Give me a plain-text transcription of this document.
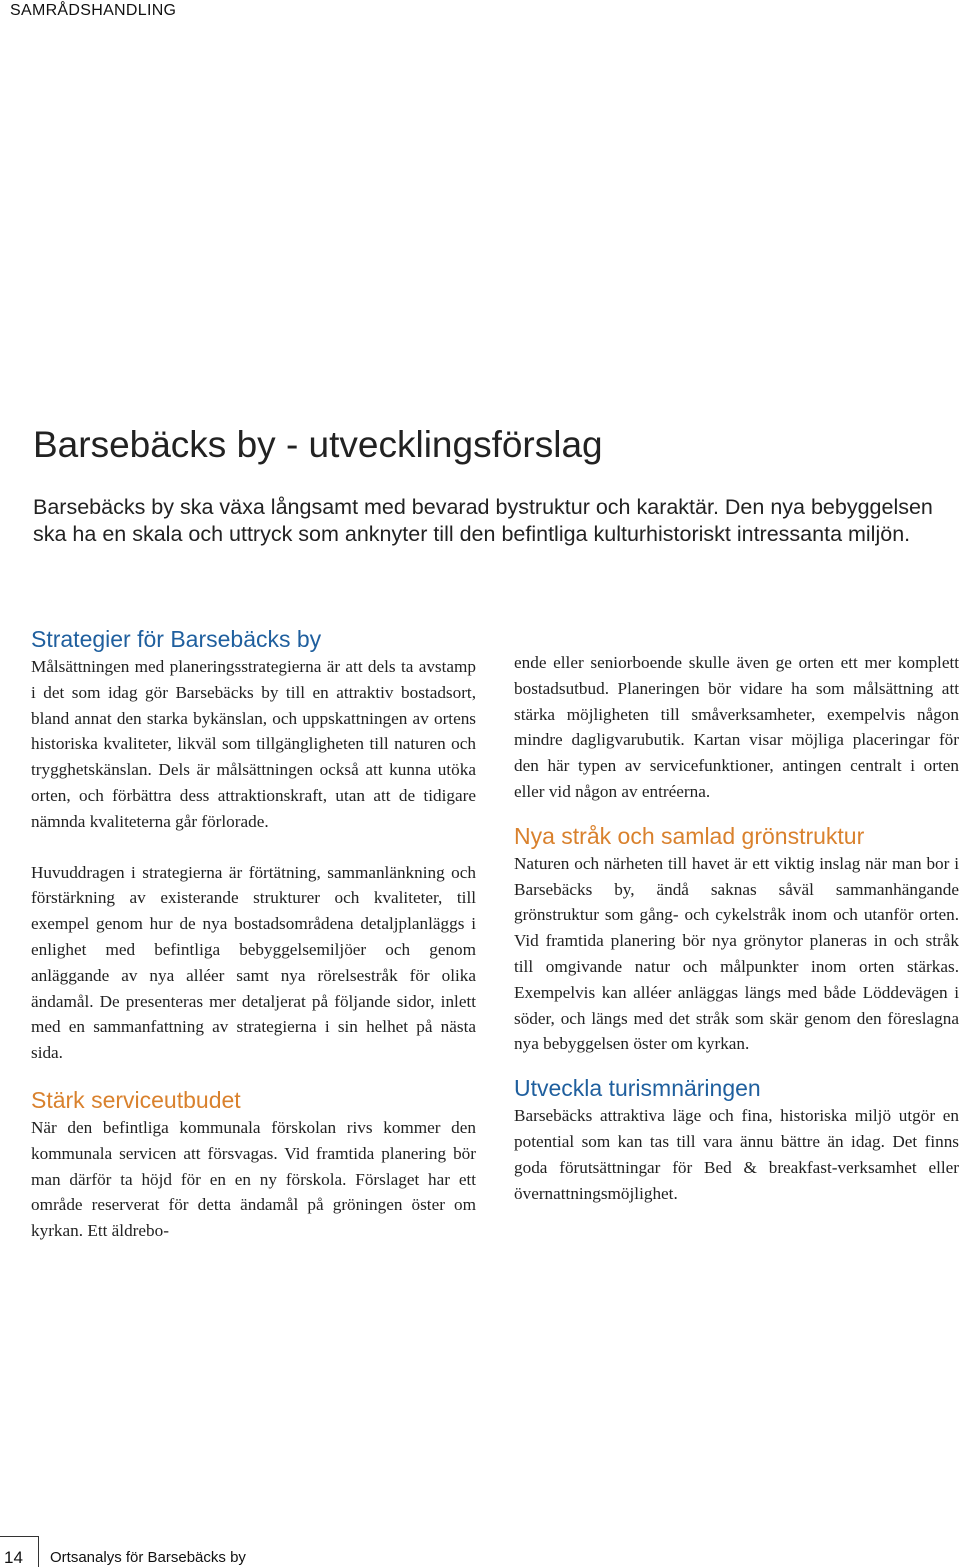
SAMRÅDSHANDLING
Barsebäcks by - utvecklingsförslag

Barsebäcks by ska växa långsamt med bevarad bystruktur och karaktär. Den nya bebyggelsen ska ha en skala och uttryck som anknyter till den befintliga kulturhistoriskt intressanta miljön.

Strategier för Barsebäcks by

Målsättningen med planeringsstrategierna är att dels ta avstamp i det som idag gör Barsebäcks by till en attraktiv bostadsort, bland annat den starka bykänslan, och uppskattningen av ortens historiska kvaliteter, likväl som tillgängligheten till naturen och trygghetskänslan. Dels är målsättningen också att kunna utöka orten, och förbättra dess attraktionskraft, utan att de tidigare nämnda kvaliteterna går förlorade.

Huvuddragen i strategierna är förtätning, sammanlänkning och förstärkning av existerande strukturer och kvaliteter, till exempel genom hur de nya bostadsområdena detaljplanläggs i enlighet med befintliga bebyggelsemiljöer och genom anläggande av nya alléer samt nya rörelsestråk för olika ändamål. De presenteras mer detaljerat på följande sidor, inlett med en sammanfattning av strategierna i sin helhet på nästa sida.

Stärk serviceutbudet

När den befintliga kommunala förskolan rivs kommer den kommunala servicen att försvagas. Vid framtida planering bör man därför ta höjd för en en ny förskola. Förslaget har ett område reserverat för detta ändamål på gröningen öster om kyrkan. Ett äldrebo-

ende eller seniorboende skulle även ge orten ett mer komplett bostadsutbud. Planeringen bör vidare ha som målsättning att stärka möjligheten till småverksamheter, exempelvis någon mindre dagligvarubutik. Kartan visar möjliga placeringar för den här typen av servicefunktioner, antingen centralt i orten eller vid någon av entréerna.

Nya stråk och samlad grönstruktur

Naturen och närheten till havet är ett viktig inslag när man bor i Barsebäcks by, ändå saknas såväl sammanhängande grönstruktur som gång- och cykelstråk inom och utanför orten. Vid framtida planering bör nya grönytor planeras in och stråk till omgivande natur och målpunkter inom orten stärkas. Exempelvis kan alléer anläggas längs med både Löddevägen i söder, och längs med det stråk som skär genom den föreslagna nya bebyggelsen öster om kyrkan.

Utveckla turismnäringen

Barsebäcks attraktiva läge och fina, historiska miljö utgör en potential som kan tas till vara ännu bättre än idag. Det finns goda förutsättningar för Bed & breakfast-verksamhet eller övernattningsmöjlighet.

14 Ortsanalys för Barsebäcks by
